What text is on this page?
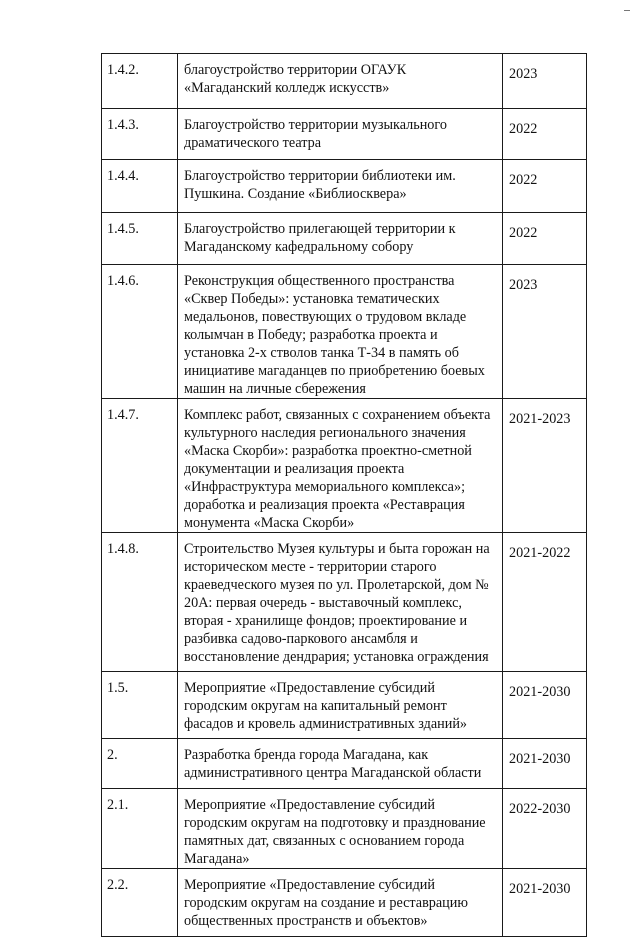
1.4.2.	благоустройство территории ОГАУК «Магаданский колледж искусств»	2023
1.4.3.	Благоустройство территории музыкального драматического театра	2022
1.4.4.	Благоустройство территории библиотеки им. Пушкина. Создание «Библиосквера»	2022
1.4.5.	Благоустройство прилегающей территории к Магаданскому кафедральному собору	2022
1.4.6.	Реконструкция общественного пространства «Сквер Победы»: установка тематических медальонов, повествующих о трудовом вкладе колымчан в Победу; разработка проекта и установка 2-х стволов танка Т-34 в память об инициативе магаданцев по приобретению боевых машин на личные сбережения	2023
1.4.7.	Комплекс работ, связанных с сохранением объекта культурного наследия регионального значения «Маска Скорби»: разработка проектно-сметной документации и реализация проекта «Инфраструктура мемориального комплекса»; доработка и реализация проекта «Реставрация монумента «Маска Скорби»	2021-2023
1.4.8.	Строительство Музея культуры и быта горожан на историческом месте - территории старого краеведческого музея по ул. Пролетарской, дом № 20А: первая очередь - выставочный комплекс, вторая - хранилище фондов; проектирование и разбивка садово-паркового ансамбля и восстановление дендрария; установка ограждения	2021-2022
1.5.	Мероприятие «Предоставление субсидий городским округам на капитальный ремонт фасадов и кровель административных зданий»	2021-2030
2.	Разработка бренда города Магадана, как административного центра Магаданской области	2021-2030
2.1.	Мероприятие «Предоставление субсидий городским округам на подготовку и празднование памятных дат, связанных с основанием города Магадана»	2022-2030
2.2.	Мероприятие «Предоставление субсидий городским округам на создание и реставрацию общественных пространств и объектов»	2021-2030
